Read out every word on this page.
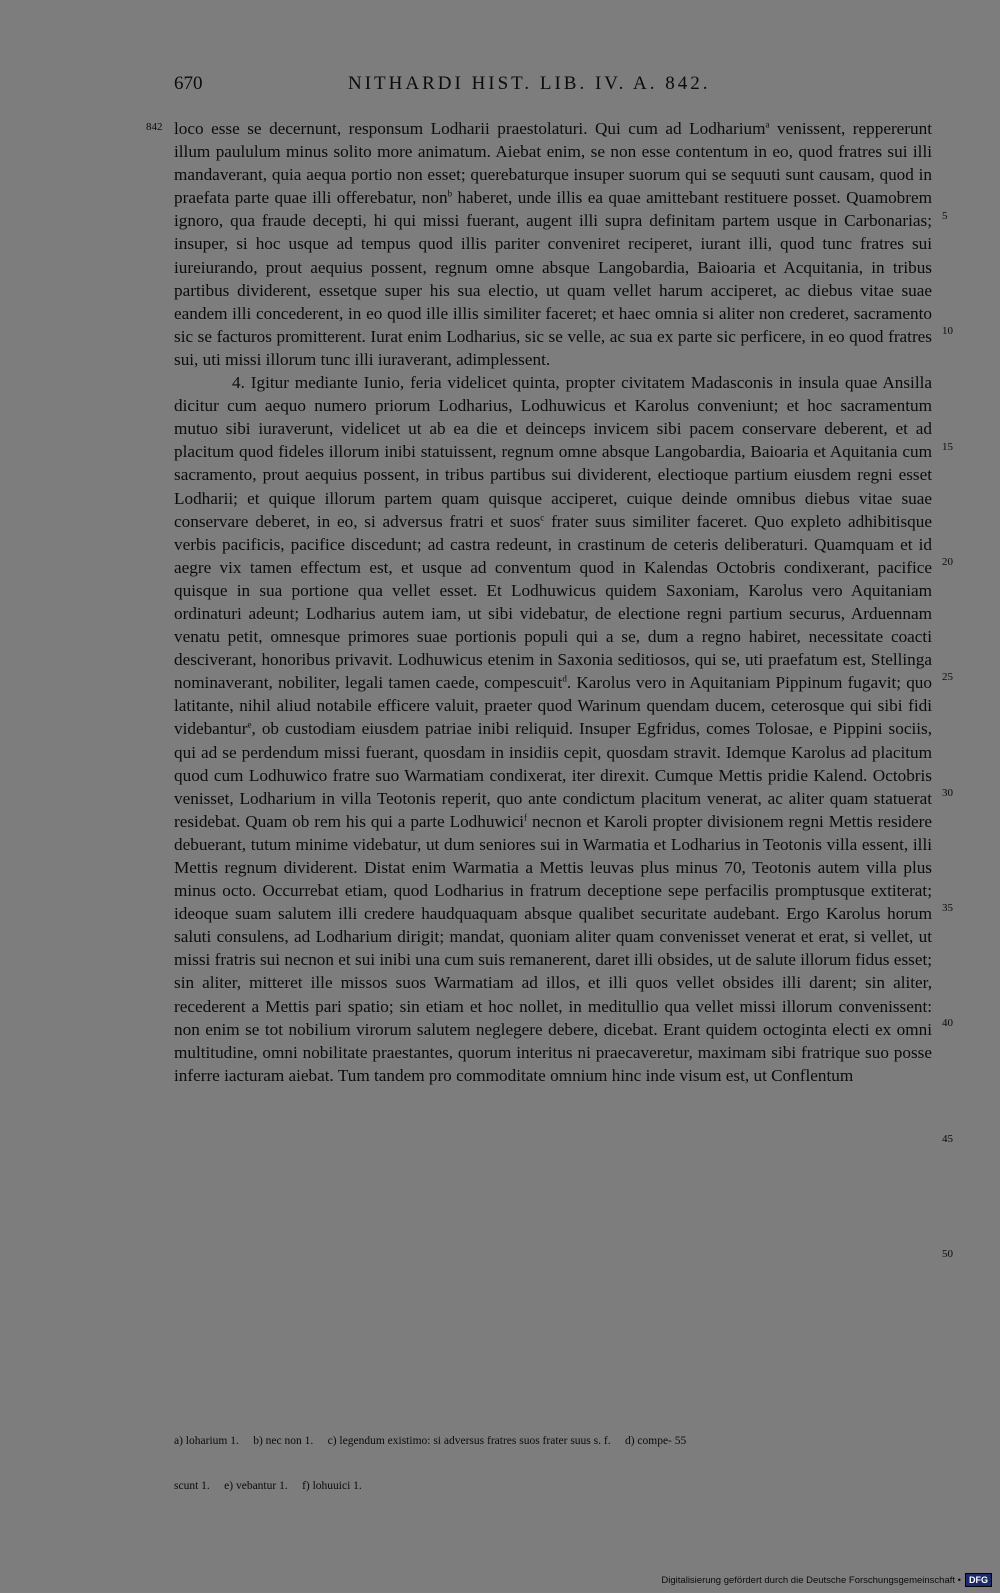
670	NITHARDI HIST. LIB. IV. A. 842.
842
5
10
15
20
25
30
35
40
45
50

loco esse se decernunt, responsum Lodharii praestolaturi. Qui cum ad Lodharium$^a$ venissent, reppererunt illum paululum minus solito more animatum. Aiebat enim, se non esse contentum in eo, quod fratres sui illi mandaverant, quia aequa portio non esset; querebaturque insuper suorum qui se sequuti sunt causam, quod in praefata parte quae illi offerebatur, non$^b$ haberet, unde illis ea quae amittebant restituere posset. Quamobrem ignoro, qua fraude decepti, hi qui missi fuerant, augent illi supra definitam partem usque in Carbonarias; insuper, si hoc usque ad tempus quod illis pariter conveniret reciperet, iurant illi, quod tunc fratres sui iureiurando, prout aequius possent, regnum omne absque Langobardia, Baioaria et Acquitania, in tribus partibus dividerent, essetque super his sua electio, ut quam vellet harum acciperet, ac diebus vitae suae eandem illi concederent, in eo quod ille illis similiter faceret; et haec omnia si aliter non crederet, sacramento sic se facturos promitterent. Iurat enim Lodharius, sic se velle, ac sua ex parte sic perficere, in eo quod fratres sui, uti missi illorum tunc illi iuraverant, adimplessent.

4. Igitur mediante Iunio, feria videlicet quinta, propter civitatem Madasconis in insula quae Ansilla dicitur cum aequo numero priorum Lodharius, Lodhuwicus et Karolus conveniunt; et hoc sacramentum mutuo sibi iuraverunt, videlicet ut ab ea die et deinceps invicem sibi pacem conservare deberent, et ad placitum quod fideles illorum inibi statuissent, regnum omne absque Langobardia, Baioaria et Aquitania cum sacramento, prout aequius possent, in tribus partibus sui dividerent, electioque partium eiusdem regni esset Lodharii; et quique illorum partem quam quisque acciperet, cuique deinde omnibus diebus vitae suae conservare deberet, in eo, si adversus fratri et suos$^c$ frater suus similiter faceret. Quo expleto adhibitisque verbis pacificis, pacifice discedunt; ad castra redeunt, in crastinum de ceteris deliberaturi. Quamquam et id aegre vix tamen effectum est, et usque ad conventum quod in Kalendas Octobris condixerant, pacifice quisque in sua portione qua vellet esset. Et Lodhuwicus quidem Saxoniam, Karolus vero Aquitaniam ordinaturi adeunt; Lodharius autem iam, ut sibi videbatur, de electione regni partium securus, Arduennam venatu petit, omnesque primores suae portionis populi qui a se, dum a regno habiret, necessitate coacti desciverant, honoribus privavit. Lodhuwicus etenim in Saxonia seditiosos, qui se, uti praefatum est, Stellinga nominaverant, nobiliter, legali tamen caede, compescuit$^d$. Karolus vero in Aquitaniam Pippinum fugavit; quo latitante, nihil aliud notabile efficere valuit, praeter quod Warinum quendam ducem, ceterosque qui sibi fidi videbantur$^e$, ob custodiam eiusdem patriae inibi reliquid. Insuper Egfridus, comes Tolosae, e Pippini sociis, qui ad se perdendum missi fuerant, quosdam in insidiis cepit, quosdam stravit. Idemque Karolus ad placitum quod cum Lodhuwico fratre suo Warmatiam condixerat, iter direxit. Cumque Mettis pridie Kalend. Octobris venisset, Lodharium in villa Teotonis reperit, quo ante condictum placitum venerat, ac aliter quam statuerat residebat. Quam ob rem his qui a parte Lodhuwici$^f$ necnon et Karoli propter divisionem regni Mettis residere debuerant, tutum minime videbatur, ut dum seniores sui in Warmatia et Lodharius in Teotonis villa essent, illi Mettis regnum dividerent. Distat enim Warmatia a Mettis leuvas plus minus 70, Teotonis autem villa plus minus octo. Occurrebat etiam, quod Lodharius in fratrum deceptione sepe perfacilis promptusque extiterat; ideoque suam salutem illi credere haudquaquam absque qualibet securitate audebant. Ergo Karolus horum saluti consulens, ad Lodharium dirigit; mandat, quoniam aliter quam convenisset venerat et erat, si vellet, ut missi fratris sui necnon et sui inibi una cum suis remanerent, daret illi obsides, ut de salute illorum fidus esset; sin aliter, mitteret ille missos suos Warmatiam ad illos, et illi quos vellet obsides illi darent; sin aliter, recederent a Mettis pari spatio; sin etiam et hoc nollet, in meditullio qua vellet missi illorum convenissent: non enim se tot nobilium virorum salutem neglegere debere, dicebat. Erant quidem octoginta electi ex omni multitudine, omni nobilitate praestantes, quorum interitus ni praecaveretur, maximam sibi fratrique suo posse inferre iacturam aiebat. Tum tandem pro commoditate omnium hinc inde visum est, ut Conflentum

a) loharium 1.     b) nec non 1.     c) legendum existimo: si adversus fratres suos frater suus s. f.     d) compe- 55

scunt 1.     e) vebantur 1.     f) lohuuici 1.

Digitalisierung gefördert durch die Deutsche Forschungsgemeinschaft • DFG
